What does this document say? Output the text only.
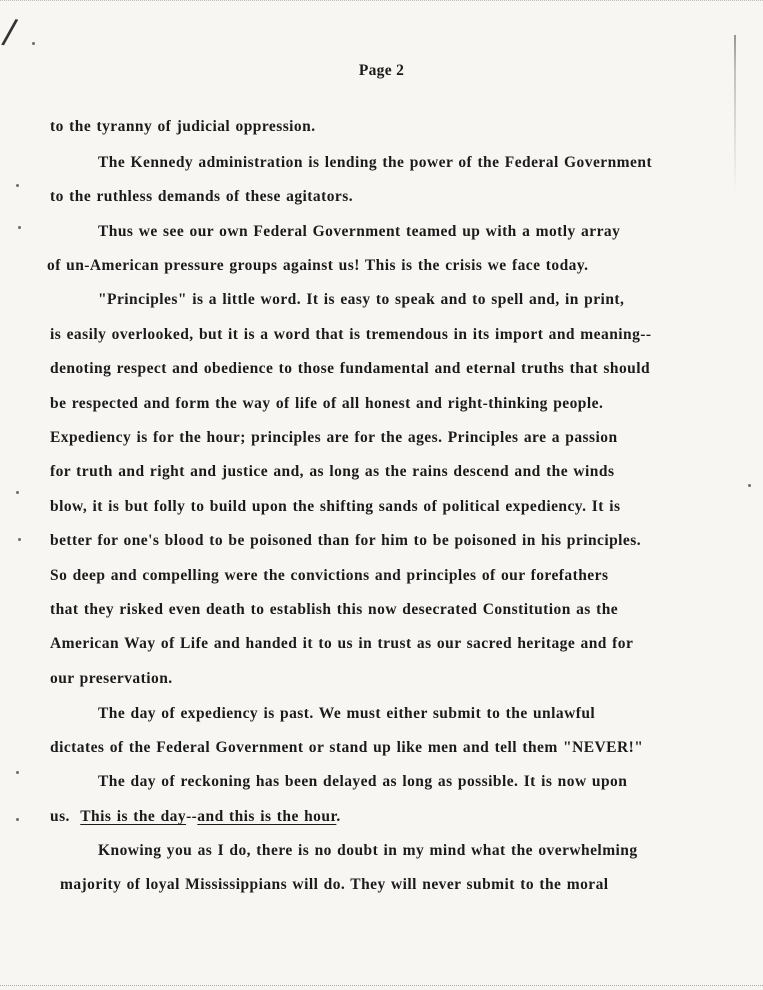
/
Page 2
to the tyranny of judicial oppression.
The Kennedy administration is lending the power of the Federal Government
to the ruthless demands of these agitators.
Thus we see our own Federal Government teamed up with a motly array
of un-American pressure groups against us! This is the crisis we face today.
"Principles" is a little word. It is easy to speak and to spell and, in print,
is easily overlooked, but it is a word that is tremendous in its import and meaning--
denoting respect and obedience to those fundamental and eternal truths that should
be respected and form the way of life of all honest and right-thinking people.
Expediency is for the hour; principles are for the ages. Principles are a passion
for truth and right and justice and, as long as the rains descend and the winds
blow, it is but folly to build upon the shifting sands of political expediency. It is
better for one's blood to be poisoned than for him to be poisoned in his principles.
So deep and compelling were the convictions and principles of our forefathers
that they risked even death to establish this now desecrated Constitution as the
American Way of Life and handed it to us in trust as our sacred heritage and for
our preservation.
The day of expediency is past. We must either submit to the unlawful
dictates of the Federal Government or stand up like men and tell them "NEVER!"
The day of reckoning has been delayed as long as possible. It is now upon
us. This is the day--and this is the hour.
Knowing you as I do, there is no doubt in my mind what the overwhelming
majority of loyal Mississippians will do. They will never submit to the moral
